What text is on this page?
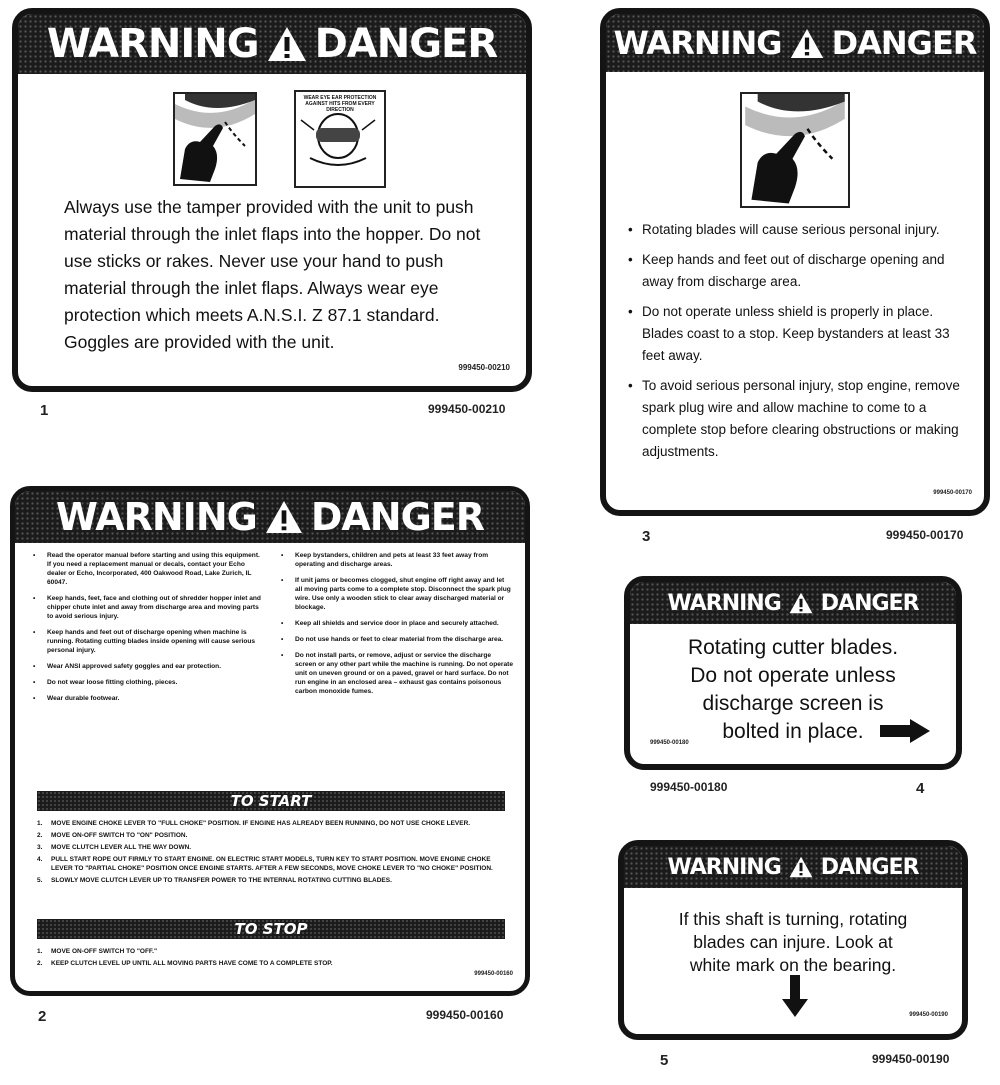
WARNING DANGER
WEAR EYE EAR PROTECTION AGAINST HITS FROM EVERY DIRECTION
Always use the tamper provided with the unit to push material through the inlet flaps into the hopper. Do not use sticks or rakes. Never use your hand to push material through the inlet flaps. Always wear eye protection which meets A.N.S.I. Z 87.1 standard. Goggles are provided with the unit.
999450-00210
1	999450-00210
WARNING DANGER
• Read the operator manual before starting and using this equipment. If you need a replacement manual or decals, contact your Echo dealer or Echo, Incorporated, 400 Oakwood Road, Lake Zurich, IL 60047.
• Keep hands, feet, face and clothing out of shredder hopper inlet and chipper chute inlet and away from discharge area and moving parts to avoid serious injury.
• Keep hands and feet out of discharge opening when machine is running. Rotating cutting blades inside opening will cause serious personal injury.
• Wear ANSI approved safety goggles and ear protection.
• Do not wear loose fitting clothing, pieces.
• Wear durable footwear.
• Keep bystanders, children and pets at least 33 feet away from operating and discharge areas.
• If unit jams or becomes clogged, shut engine off right away and let all moving parts come to a complete stop. Disconnect the spark plug wire. Use only a wooden stick to clear away discharged material or blockage.
• Keep all shields and service door in place and securely attached.
• Do not use hands or feet to clear material from the discharge area.
• Do not install parts, or remove, adjust or service the discharge screen or any other part while the machine is running. Do not operate unit on uneven ground or on a paved, gravel or hard surface. Do not run engine in an enclosed area – exhaust gas contains poisonous carbon monoxide fumes.
TO START
1.	MOVE ENGINE CHOKE LEVER TO "FULL CHOKE" POSITION. IF ENGINE HAS ALREADY BEEN RUNNING, DO NOT USE CHOKE LEVER.
2.	MOVE ON-OFF SWITCH TO "ON" POSITION.
3.	MOVE CLUTCH LEVER ALL THE WAY DOWN.
4.	PULL START ROPE OUT FIRMLY TO START ENGINE. ON ELECTRIC START MODELS, TURN KEY TO START POSITION. MOVE ENGINE CHOKE LEVER TO "PARTIAL CHOKE" POSITION ONCE ENGINE STARTS. AFTER A FEW SECONDS, MOVE CHOKE LEVER TO "NO CHOKE" POSITION.
5.	SLOWLY MOVE CLUTCH LEVER UP TO TRANSFER POWER TO THE INTERNAL ROTATING CUTTING BLADES.
TO STOP
1.	MOVE ON-OFF SWITCH TO "OFF."
2.	KEEP CLUTCH LEVEL UP UNTIL ALL MOVING PARTS HAVE COME TO A COMPLETE STOP.
999450-00160
2	999450-00160
WARNING DANGER
• Rotating blades will cause serious personal injury.
• Keep hands and feet out of discharge opening and away from discharge area.
• Do not operate unless shield is properly in place. Blades coast to a stop. Keep bystanders at least 33 feet away.
• To avoid serious personal injury, stop engine, remove spark plug wire and allow machine to come to a complete stop before clearing obstructions or making adjustments.
999450-00170
3	999450-00170
WARNING DANGER
Rotating cutter blades.
Do not operate unless
discharge screen is
bolted in place.
999450-00180
999450-00180	4
WARNING DANGER
If this shaft is turning, rotating
blades can injure. Look at
white mark on the bearing.
999450-00190
5	999450-00190
